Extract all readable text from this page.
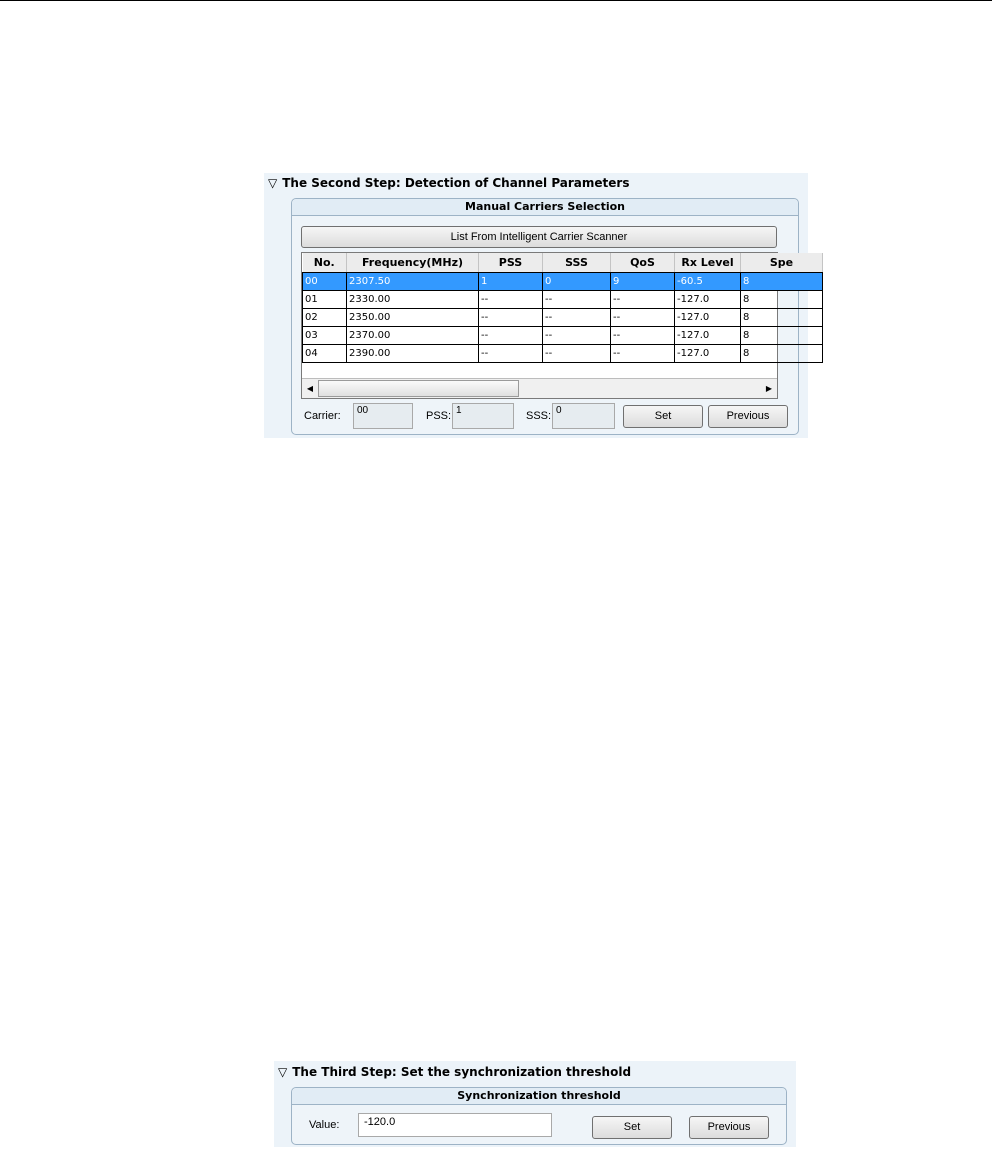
▽ The Second Step: Detection of Channel Parameters
Manual Carriers Selection
List From Intelligent Carrier Scanner
No.	Frequency(MHz)	PSS	SSS	QoS	Rx Level	Spe
00	2307.50	1	0	9	-60.5	8
01	2330.00	--	--	--	-127.0	8
02	2350.00	--	--	--	-127.0	8
03	2370.00	--	--	--	-127.0	8
04	2390.00	--	--	--	-127.0	8
◀	▶
Carrier:	00	PSS: 1	SSS: 0	Set	Previous
▽ The Third Step: Set the synchronization threshold
Synchronization threshold
Value:	-120.0	Set	Previous
